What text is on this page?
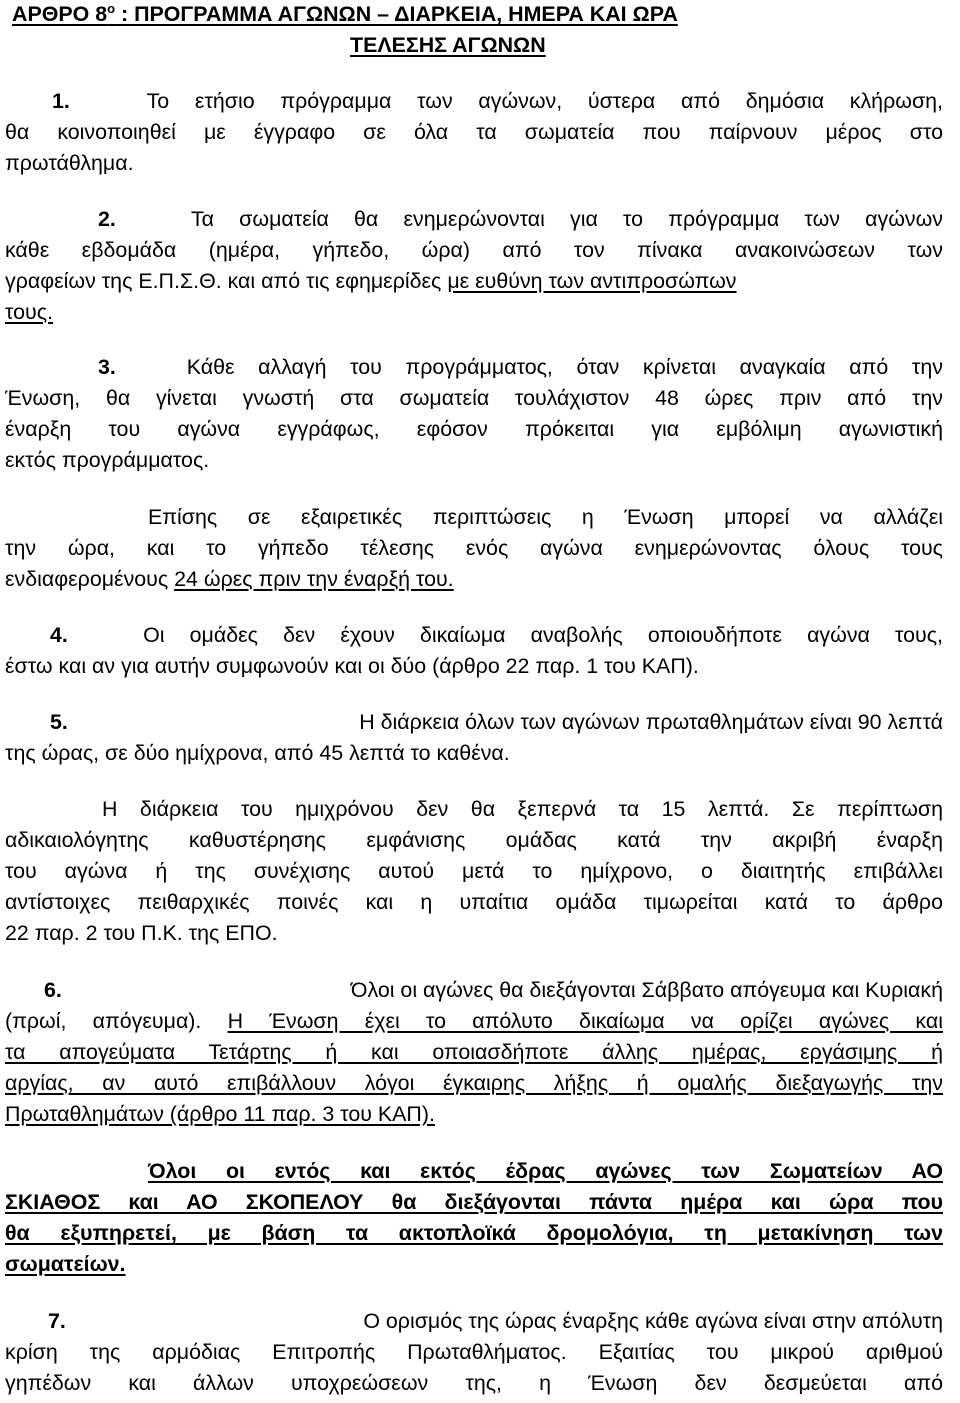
ΑΡΘΡΟ $8^o$ : ΠΡΟΓΡΑΜΜΑ ΑΓΩΝΩΝ – ΔΙΑΡΚΕΙΑ, ΗΜΕΡΑ ΚΑΙ ΩΡΑ
ΤΕΛΕΣΗΣ ΑΓΩΝΩΝ
1.	Το ετήσιο πρόγραμμα των αγώνων, ύστερα από δημόσια κλήρωση,
θα κοινοποιηθεί με έγγραφο σε όλα τα σωματεία που παίρνουν μέρος στο
πρωτάθλημα.
2.	Τα σωματεία θα ενημερώνονται για το πρόγραμμα των αγώνων
κάθε εβδομάδα (ημέρα, γήπεδο, ώρα) από τον πίνακα ανακοινώσεων των
γραφείων της Ε.Π.Σ.Θ. και από τις εφημερίδες με ευθύνη των αντιπροσώπων
τους.
3.	Κάθε αλλαγή του προγράμματος, όταν κρίνεται αναγκαία από την
Ένωση, θα γίνεται γνωστή στα σωματεία τουλάχιστον 48 ώρες πριν από την
έναρξη του αγώνα εγγράφως, εφόσον πρόκειται για εμβόλιμη αγωνιστική
εκτός προγράμματος.
Επίσης σε εξαιρετικές περιπτώσεις η Ένωση μπορεί να αλλάζει
την ώρα, και το γήπεδο τέλεσης ενός αγώνα ενημερώνοντας όλους τους
ενδιαφερομένους 24 ώρες πριν την έναρξή του.
4.	Οι ομάδες δεν έχουν δικαίωμα αναβολής οποιουδήποτε αγώνα τους,
έστω και αν για αυτήν συμφωνούν και οι δύο (άρθρο 22 παρ. 1 του ΚΑΠ).
5.	Η διάρκεια όλων των αγώνων πρωταθλημάτων είναι 90 λεπτά
της ώρας, σε δύο ημίχρονα, από 45 λεπτά το καθένα.
Η διάρκεια του ημιχρόνου δεν θα ξεπερνά τα 15 λεπτά. Σε περίπτωση
αδικαιολόγητης καθυστέρησης εμφάνισης ομάδας κατά την ακριβή έναρξη
του αγώνα ή της συνέχισης αυτού μετά το ημίχρονο, ο διαιτητής επιβάλλει
αντίστοιχες πειθαρχικές ποινές και η υπαίτια ομάδα τιμωρείται κατά το άρθρο
22 παρ. 2 του Π.Κ. της ΕΠΟ.
6.	Όλοι οι αγώνες θα διεξάγονται Σάββατο απόγευμα και Κυριακή
(πρωί, απόγευμα). Η Ένωση έχει το απόλυτο δικαίωμα να ορίζει αγώνες και
τα απογεύματα Τετάρτης ή και οποιασδήποτε άλλης ημέρας, εργάσιμης ή
αργίας, αν αυτό επιβάλλουν λόγοι έγκαιρης λήξης ή ομαλής διεξαγωγής την
Πρωταθλημάτων (άρθρο 11 παρ. 3 του ΚΑΠ).
Όλοι οι εντός και εκτός έδρας αγώνες των Σωματείων ΑΟ
ΣΚΙΑΘΟΣ και ΑΟ ΣΚΟΠΕΛΟΥ θα διεξάγονται πάντα ημέρα και ώρα που
θα εξυπηρετεί, με βάση τα ακτοπλοϊκά δρομολόγια, τη μετακίνηση των
σωματείων.
7.	Ο ορισμός της ώρας έναρξης κάθε αγώνα είναι στην απόλυτη
κρίση της αρμόδιας Επιτροπής Πρωταθλήματος. Εξαιτίας του μικρού αριθμού
γηπέδων και άλλων υποχρεώσεων της, η Ένωση δεν δεσμεύεται από
